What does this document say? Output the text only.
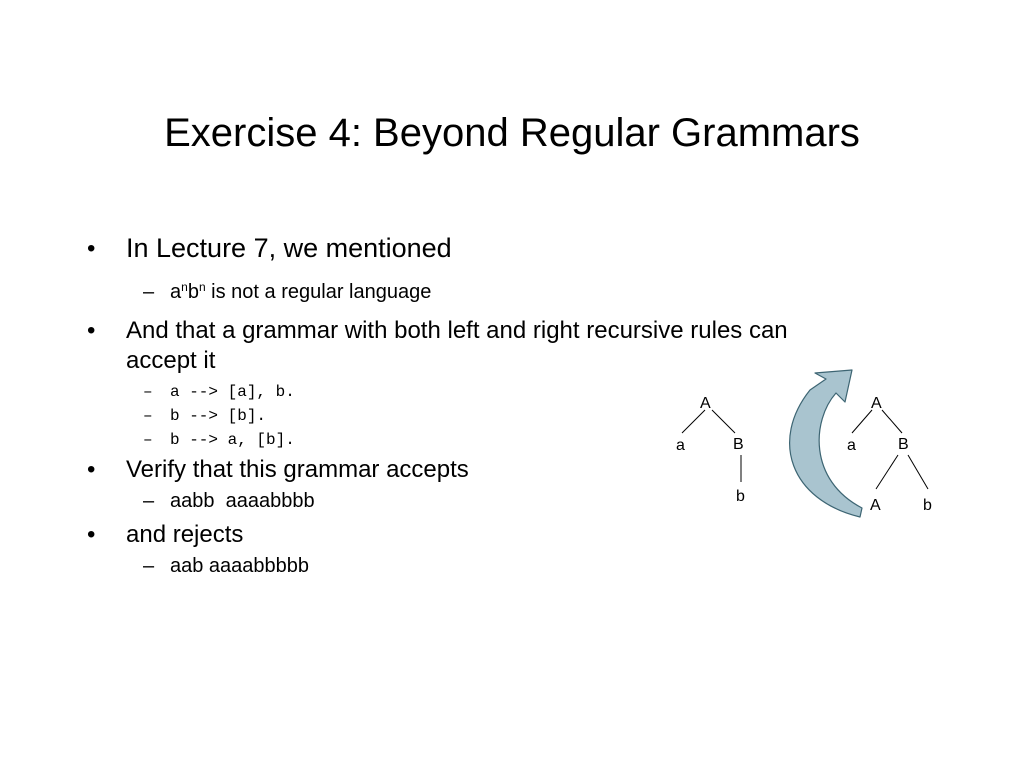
Exercise 4: Beyond Regular Grammars
• In Lecture 7, we mentioned
– $a^nb^n$ is not a regular language
• And that a grammar with both left and right recursive rules can
accept it
– a --> [a], b.
– b --> [b].
– b --> a, [b].
• Verify that this grammar accepts
– aabb  aaaabbbb
• and rejects
– aab aaaabbbbb
A
a	B
b
A
a	B
A	b
